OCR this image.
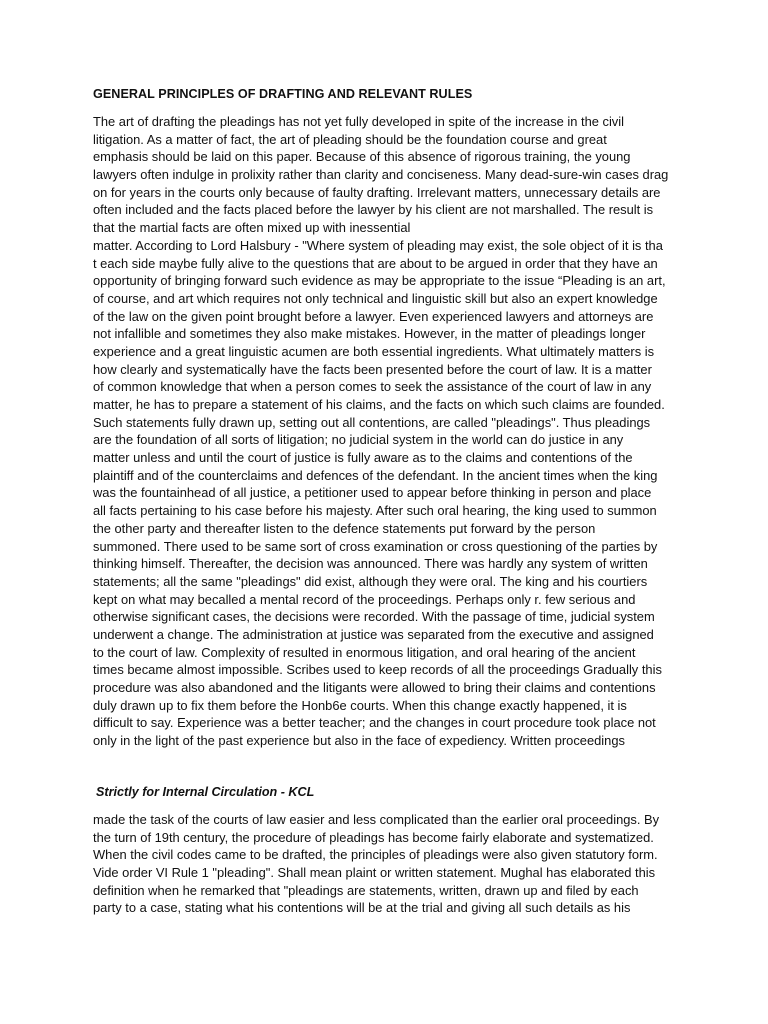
GENERAL PRINCIPLES OF DRAFTING AND RELEVANT RULES
The art of drafting the pleadings has not yet fully developed in spite of the increase in the civil
litigation. As a matter of fact, the art of pleading should be the foundation course and great
emphasis should be laid on this paper. Because of this absence of rigorous training, the young
lawyers often indulge in prolixity rather than clarity and conciseness. Many dead-sure-win cases drag
on for years in the courts only because of faulty drafting. Irrelevant matters, unnecessary details are
often included and the facts placed before the lawyer by his client are not marshalled. The result is
that the martial facts are often mixed up with inessential
matter. According to Lord Halsbury - "Where system of pleading may exist, the sole object of it is tha
t each side maybe fully alive to the questions that are about to be argued in order that they have an
opportunity of bringing forward such evidence as may be appropriate to the issue “Pleading is an art,
of course, and art which requires not only technical and linguistic skill but also an expert knowledge
of the law on the given point brought before a lawyer. Even experienced lawyers and attorneys are
not infallible and sometimes they also make mistakes. However, in the matter of pleadings longer
experience and a great linguistic acumen are both essential ingredients. What ultimately matters is
how clearly and systematically have the facts been presented before the court of law. It is a matter
of common knowledge that when a person comes to seek the assistance of the court of law in any
matter, he has to prepare a statement of his claims, and the facts on which such claims are founded.
Such statements fully drawn up, setting out all contentions, are called "pleadings". Thus pleadings
are the foundation of all sorts of litigation; no judicial system in the world can do justice in any
matter unless and until the court of justice is fully aware as to the claims and contentions of the
plaintiff and of the counterclaims and defences of the defendant. In the ancient times when the king
was the fountainhead of all justice, a petitioner used to appear before thinking in person and place
all facts pertaining to his case before his majesty. After such oral hearing, the king used to summon
the other party and thereafter listen to the defence statements put forward by the person
summoned. There used to be same sort of cross examination or cross questioning of the parties by
thinking himself. Thereafter, the decision was announced. There was hardly any system of written
statements; all the same "pleadings" did exist, although they were oral. The king and his courtiers
kept on what may becalled a mental record of the proceedings. Perhaps only r. few serious and
otherwise significant cases, the decisions were recorded. With the passage of time, judicial system
underwent a change. The administration at justice was separated from the executive and assigned
to the court of law. Complexity of resulted in enormous litigation, and oral hearing of the ancient
times became almost impossible. Scribes used to keep records of all the proceedings Gradually this
procedure was also abandoned and the litigants were allowed to bring their claims and contentions
duly drawn up to fix them before the Honb6e courts. When this change exactly happened, it is
difficult to say. Experience was a better teacher; and the changes in court procedure took place not
only in the light of the past experience but also in the face of expediency. Written proceedings
Strictly for Internal Circulation - KCL
made the task of the courts of law easier and less complicated than the earlier oral proceedings. By
the turn of 19th century, the procedure of pleadings has become fairly elaborate and systematized.
When the civil codes came to be drafted, the principles of pleadings were also given statutory form.
Vide order VI Rule 1 "pleading". Shall mean plaint or written statement. Mughal has elaborated this
definition when he remarked that "pleadings are statements, written, drawn up and filed by each
party to a case, stating what his contentions will be at the trial and giving all such details as his
